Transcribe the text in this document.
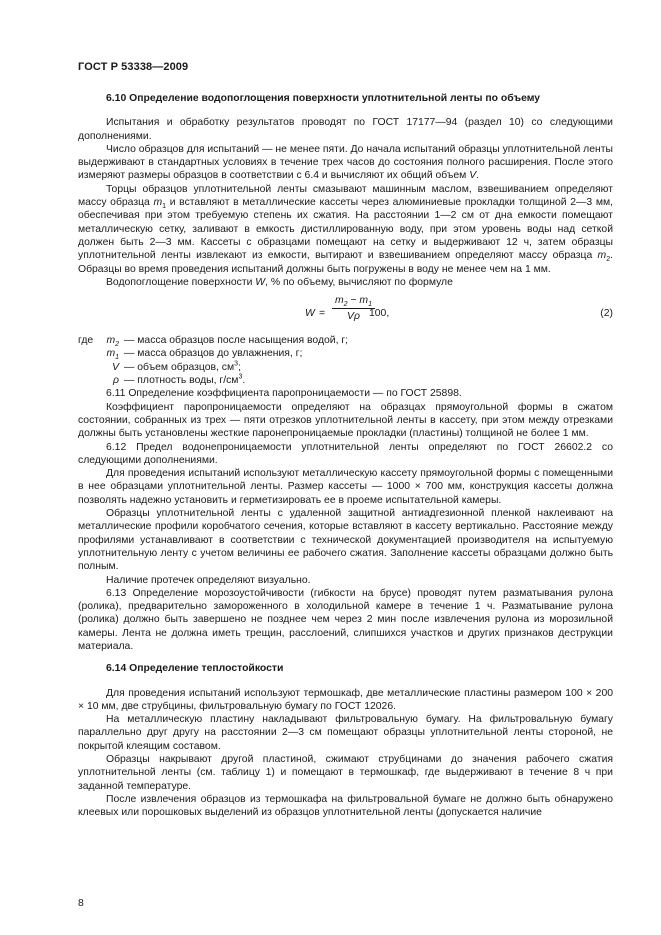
ГОСТ Р 53338—2009

6.10 Определение водопоглощения поверхности уплотнительной ленты по объему

Испытания и обработку результатов проводят по ГОСТ 17177—94 (раздел 10) со следующими дополнениями.

Число образцов для испытаний — не менее пяти. До начала испытаний образцы уплотнительной ленты выдерживают в стандартных условиях в течение трех часов до состояния полного расширения. После этого измеряют размеры образцов в соответствии с 6.4 и вычисляют их общий объем V.

Торцы образцов уплотнительной ленты смазывают машинным маслом, взвешиванием определяют массу образца $m_1$ и вставляют в металлические кассеты через алюминиевые прокладки толщиной 2—3 мм, обеспечивая при этом требуемую степень их сжатия. На расстоянии 1—2 см от дна емкости помещают металлическую сетку, заливают в емкость дистиллированную воду, при этом уровень воды над сеткой должен быть 2—3 мм. Кассеты с образцами помещают на сетку и выдерживают 12 ч, затем образцы уплотнительной ленты извлекают из емкости, вытирают и взвешиванием определяют массу образца $m_2$. Образцы во время проведения испытаний должны быть погружены в воду не менее чем на 1 мм.

Водопоглощение поверхности W, % по объему, вычисляют по формуле

$W = \frac{m_2 - m_1}{V\rho}$
100,	(2)
где $m_2$ — масса образцов после насыщения водой, г;
$m_1$ — масса образцов до увлажнения, г;
V — объем образцов, $см^3$;
ρ — плотность воды, $г/см^3$.

6.11 Определение коэффициента паропроницаемости — по ГОСТ 25898.

Коэффициент паропроницаемости определяют на образцах прямоугольной формы в сжатом состоянии, собранных из трех — пяти отрезков уплотнительной ленты в кассету, при этом между отрезками должны быть установлены жесткие паронепроницаемые прокладки (пластины) толщиной не более 1 мм.

6.12 Предел водонепроницаемости уплотнительной ленты определяют по ГОСТ 26602.2 со следующими дополнениями.

Для проведения испытаний используют металлическую кассету прямоугольной формы с помещенными в нее образцами уплотнительной ленты. Размер кассеты — 1000 × 700 мм, конструкция кассеты должна позволять надежно установить и герметизировать ее в проеме испытательной камеры.

Образцы уплотнительной ленты с удаленной защитной антиадгезионной пленкой наклеивают на металлические профили коробчатого сечения, которые вставляют в кассету вертикально. Расстояние между профилями устанавливают в соответствии с технической документацией производителя на испытуемую уплотнительную ленту с учетом величины ее рабочего сжатия. Заполнение кассеты образцами должно быть полным.

Наличие протечек определяют визуально.

6.13 Определение морозоустойчивости (гибкости на брусе) проводят путем разматывания рулона (ролика), предварительно замороженного в холодильной камере в течение 1 ч. Разматывание рулона (ролика) должно быть завершено не позднее чем через 2 мин после извлечения рулона из морозильной камеры. Лента не должна иметь трещин, расслоений, слипшихся участков и других признаков деструкции материала.

6.14 Определение теплостойкости

Для проведения испытаний используют термошкаф, две металлические пластины размером 100 × 200 × 10 мм, две струбцины, фильтровальную бумагу по ГОСТ 12026.

На металлическую пластину накладывают фильтровальную бумагу. На фильтровальную бумагу параллельно друг другу на расстоянии 2—3 см помещают образцы уплотнительной ленты стороной, не покрытой клеящим составом.

Образцы накрывают другой пластиной, сжимают струбцинами до значения рабочего сжатия уплотнительной ленты (см. таблицу 1) и помещают в термошкаф, где выдерживают в течение 8 ч при заданной температуре.

После извлечения образцов из термошкафа на фильтровальной бумаге не должно быть обнаружено клеевых или порошковых выделений из образцов уплотнительной ленты (допускается наличие

8
